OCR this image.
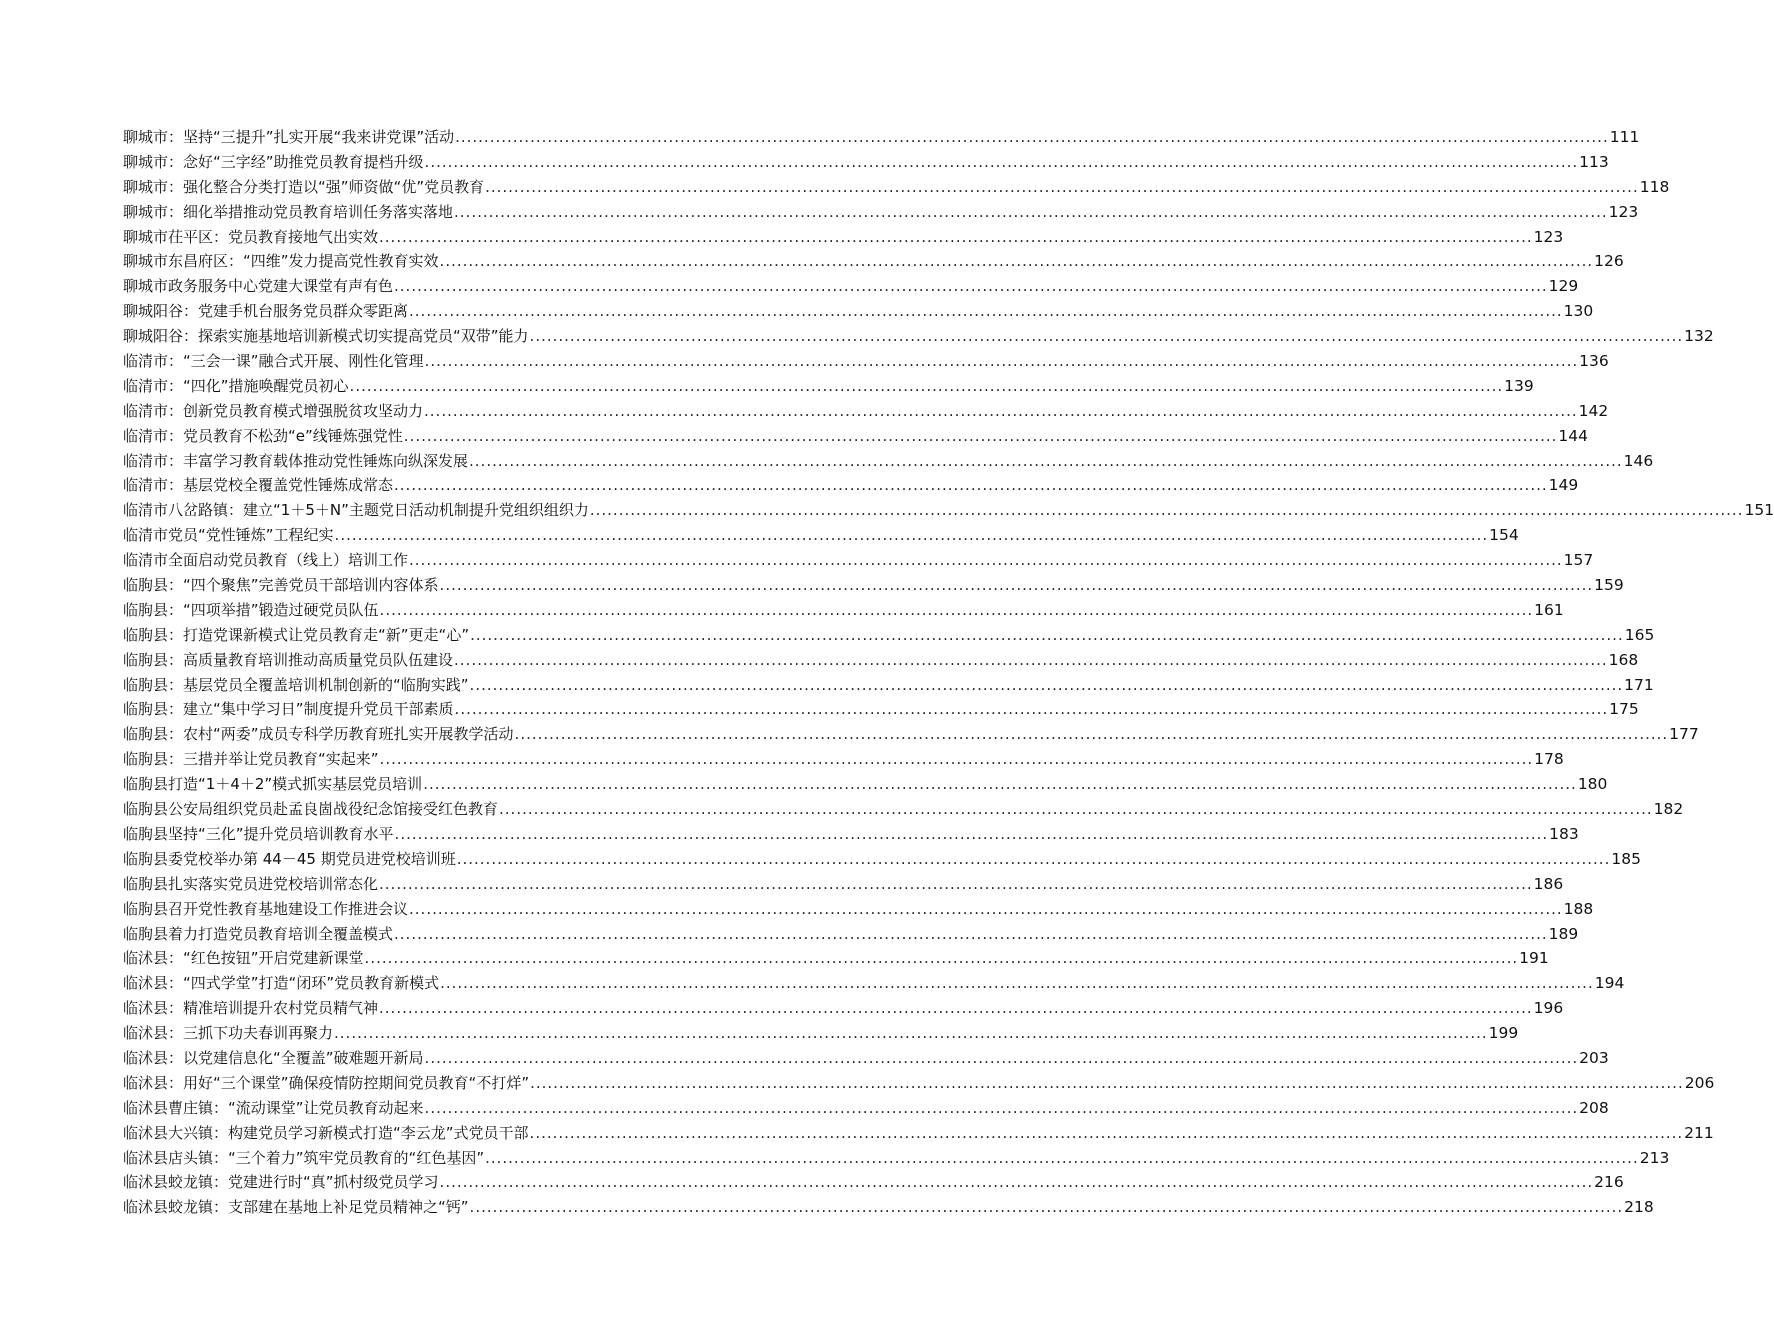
聊城市：坚持“三提升”扎实开展“我来讲党课”活动 .....	111
聊城市：念好“三字经”助推党员教育提档升级 .....	113
聊城市：强化整合分类打造以“强”师资做“优”党员教育 .....	118
聊城市：细化举措推动党员教育培训任务落实落地 .....	123
聊城市茌平区：党员教育接地气出实效 .....	123
聊城市东昌府区：“四维”发力提高党性教育实效 .....	126
聊城市政务服务中心党建大课堂有声有色 .....	129
聊城阳谷：党建手机台服务党员群众零距离 .....	130
聊城阳谷：探索实施基地培训新模式切实提高党员“双带”能力 .....	132
临清市：“三会一课”融合式开展、刚性化管理 .....	136
临清市：“四化”措施唤醒党员初心 .....	139
临清市：创新党员教育模式增强脱贫攻坚动力 .....	142
临清市：党员教育不松劲“e”线锤炼强党性 .....	144
临清市：丰富学习教育载体推动党性锤炼向纵深发展 .....	146
临清市：基层党校全覆盖党性锤炼成常态 .....	149
临清市八岔路镇：建立“1＋5＋N”主题党日活动机制提升党组织组织力 .....	151
临清市党员“党性锤炼”工程纪实 .....	154
临清市全面启动党员教育（线上）培训工作 .....	157
临朐县：“四个聚焦”完善党员干部培训内容体系 .....	159
临朐县：“四项举措”锻造过硬党员队伍 .....	161
临朐县：打造党课新模式让党员教育走“新”更走“心” .....	165
临朐县：高质量教育培训推动高质量党员队伍建设 .....	168
临朐县：基层党员全覆盖培训机制创新的“临朐实践” .....	171
临朐县：建立“集中学习日”制度提升党员干部素质 .....	175
临朐县：农村“两委”成员专科学历教育班扎实开展教学活动 .....	177
临朐县：三措并举让党员教育“实起来” .....	178
临朐县打造“1＋4＋2”模式抓实基层党员培训 .....	180
临朐县公安局组织党员赴孟良崮战役纪念馆接受红色教育 .....	182
临朐县坚持“三化”提升党员培训教育水平 .....	183
临朐县委党校举办第 44－45 期党员进党校培训班 .....	185
临朐县扎实落实党员进党校培训常态化 .....	186
临朐县召开党性教育基地建设工作推进会议 .....	188
临朐县着力打造党员教育培训全覆盖模式 .....	189
临沭县：“红色按钮”开启党建新课堂 .....	191
临沭县：“四式学堂”打造“闭环”党员教育新模式 .....	194
临沭县：精准培训提升农村党员精气神 .....	196
临沭县：三抓下功夫春训再聚力 .....	199
临沭县：以党建信息化“全覆盖”破难题开新局 .....	203
临沭县：用好“三个课堂”确保疫情防控期间党员教育“不打烊” .....	206
临沭县曹庄镇：“流动课堂”让党员教育动起来 .....	208
临沭县大兴镇：构建党员学习新模式打造“李云龙”式党员干部 .....	211
临沭县店头镇：“三个着力”筑牢党员教育的“红色基因” .....	213
临沭县蛟龙镇：党建进行时“真”抓村级党员学习 .....	216
临沭县蛟龙镇：支部建在基地上补足党员精神之“钙” .....	218
